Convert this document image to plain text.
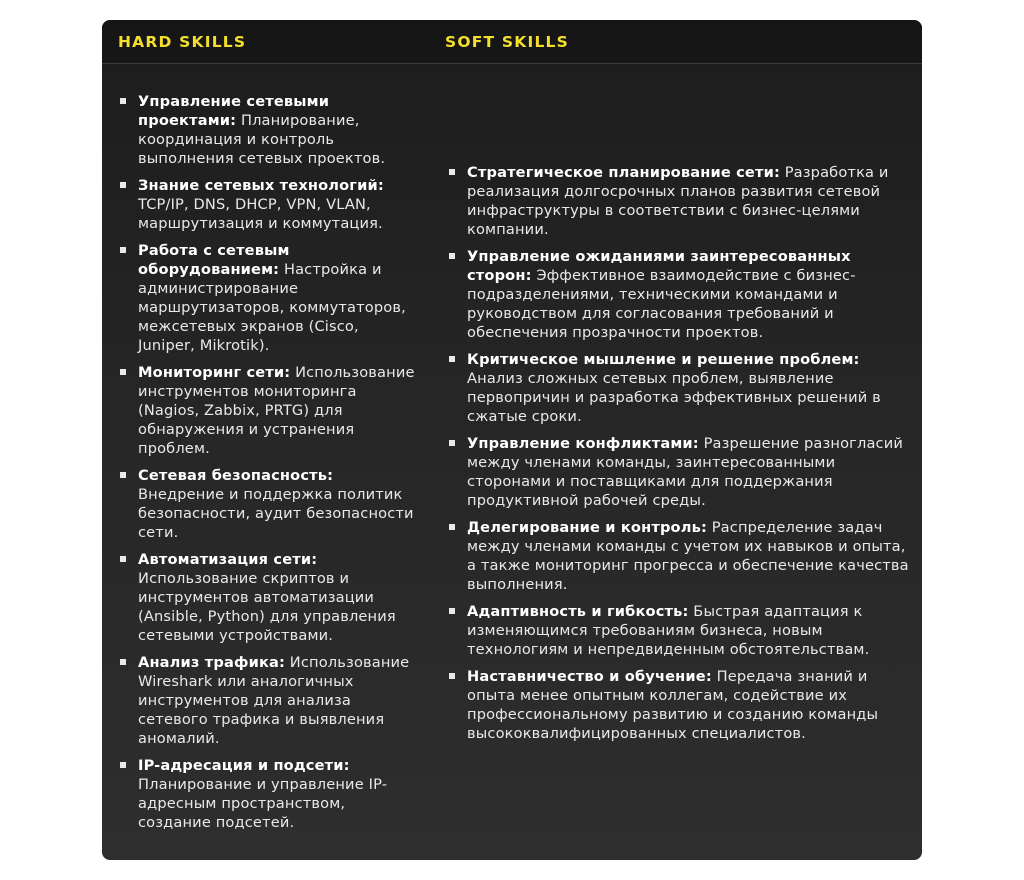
HARD SKILLS	SOFT SKILLS
Управление сетевыми проектами: Планирование, координация и контроль выполнения сетевых проектов.
Знание сетевых технологий: TCP/IP, DNS, DHCP, VPN, VLAN, маршрутизация и коммутация.
Работа с сетевым оборудованием: Настройка и администрирование маршрутизаторов, коммутаторов, межсетевых экранов (Cisco, Juniper, Mikrotik).
Мониторинг сети: Использование инструментов мониторинга (Nagios, Zabbix, PRTG) для обнаружения и устранения проблем.
Сетевая безопасность: Внедрение и поддержка политик безопасности, аудит безопасности сети.
Автоматизация сети: Использование скриптов и инструментов автоматизации (Ansible, Python) для управления сетевыми устройствами.
Анализ трафика: Использование Wireshark или аналогичных инструментов для анализа сетевого трафика и выявления аномалий.
IP-адресация и подсети: Планирование и управление IP-адресным пространством, создание подсетей.
Стратегическое планирование сети: Разработка и реализация долгосрочных планов развития сетевой инфраструктуры в соответствии с бизнес-целями компании.
Управление ожиданиями заинтересованных сторон: Эффективное взаимодействие с бизнес-подразделениями, техническими командами и руководством для согласования требований и обеспечения прозрачности проектов.
Критическое мышление и решение проблем: Анализ сложных сетевых проблем, выявление первопричин и разработка эффективных решений в сжатые сроки.
Управление конфликтами: Разрешение разногласий между членами команды, заинтересованными сторонами и поставщиками для поддержания продуктивной рабочей среды.
Делегирование и контроль: Распределение задач между членами команды с учетом их навыков и опыта, а также мониторинг прогресса и обеспечение качества выполнения.
Адаптивность и гибкость: Быстрая адаптация к изменяющимся требованиям бизнеса, новым технологиям и непредвиденным обстоятельствам.
Наставничество и обучение: Передача знаний и опыта менее опытным коллегам, содействие их профессиональному развитию и созданию команды высококвалифицированных специалистов.
